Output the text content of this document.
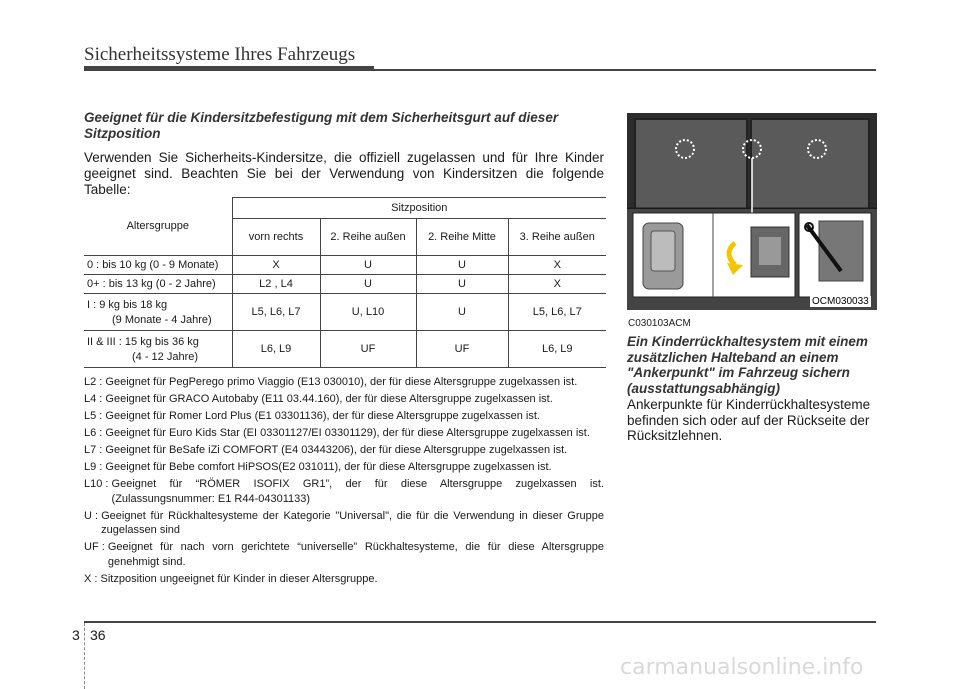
Sicherheitssysteme Ihres Fahrzeugs
Geeignet für die Kindersitzbefestigung mit dem Sicherheitsgurt auf dieser Sitzposition
Verwenden Sie Sicherheits-Kindersitze, die offiziell zugelassen und für Ihre Kinder geeignet sind. Beachten Sie bei der Verwendung von Kindersitzen die folgende Tabelle:
Altersgruppe	Sitzposition			
	vorn rechts	2. Reihe außen	2. Reihe Mitte	3. Reihe außen
0 : bis 10 kg (0 - 9 Monate)	X	U	U	X
0+ : bis 13 kg (0 - 2 Jahre)	L2 , L4	U	U	X
I : 9 kg bis 18 kg
(9 Monate - 4 Jahre)	L5, L6, L7	U, L10	U	L5, L6, L7
II & III : 15 kg bis 36 kg
(4 - 12 Jahre)	L6, L9	UF	UF	L6, L9
L2 : Geeignet für PegPerego primo Viaggio (E13 030010), der für diese Altersgruppe zugelxassen ist.
L4 : Geeignet für GRACO Autobaby (E11 03.44.160), der für diese Altersgruppe zugelxassen ist.
L5 : Geeignet für Romer Lord Plus (E1 03301136), der für diese Altersgruppe zugelxassen ist.
L6 : Geeignet für Euro Kids Star (EI 03301127/EI 03301129), der für diese Altersgruppe zugelxassen ist.
L7 : Geeignet für BeSafe iZi COMFORT (E4 03443206), der für diese Altersgruppe zugelxassen ist.
L9 : Geeignet für Bebe comfort HiPSOS(E2 031011), der für diese Altersgruppe zugelxassen ist.
L10 : Geeignet für “RÖMER ISOFIX GR1”, der für diese Altersgruppe zugelxassen ist. (Zulassungsnummer: E1 R44-04301133)
U : Geeignet für Rückhaltesysteme der Kategorie "Universal", die für die Verwendung in dieser Gruppe zugelassen sind
UF : Geeignet für nach vorn gerichtete “universelle” Rückhaltesysteme, die für diese Altersgruppe genehmigt sind.
X : Sitzposition ungeeignet für Kinder in dieser Altersgruppe.
OCM030033
C030103ACM
Ein Kinderrückhaltesystem mit einem zusätzlichen Halteband an einem "Ankerpunkt" im Fahrzeug sichern (ausstattungsabhängig)
Ankerpunkte für Kinderrückhaltesysteme befinden sich oder auf der Rückseite der Rücksitzlehnen.
3 36
carmanualsonline.info
